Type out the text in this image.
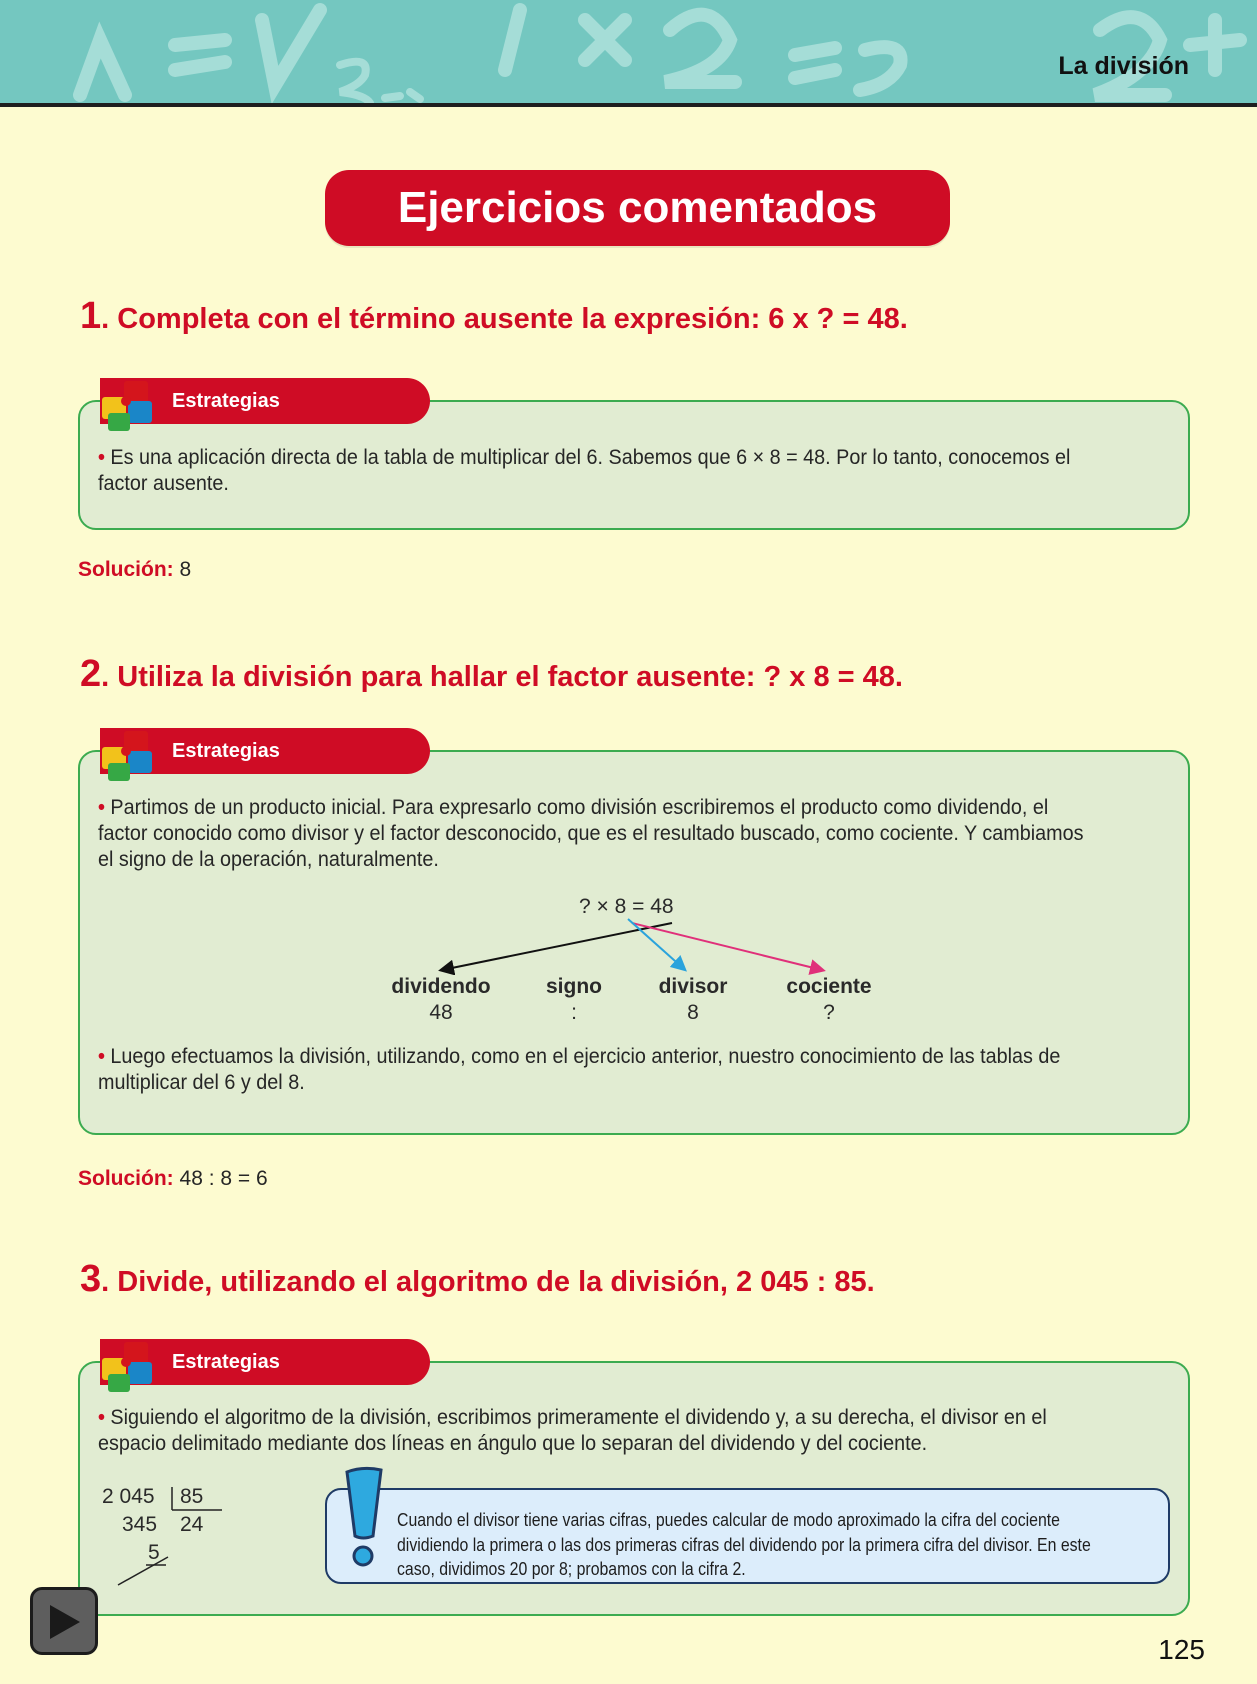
La división
Ejercicios comentados
1. Completa con el término ausente la expresión: 6 x ? = 48.
Estrategias
• Es una aplicación directa de la tabla de multiplicar del 6. Sabemos que 6 × 8 = 48. Por lo tanto, conocemos el factor ausente.
Solución: 8
2. Utiliza la división para hallar el factor ausente: ? x 8 = 48.
Estrategias
• Partimos de un producto inicial. Para expresarlo como división escribiremos el producto como dividendo, el factor conocido como divisor y el factor desconocido, que es el resultado buscado, como cociente. Y cambiamos el signo de la operación, naturalmente.
? × 8 = 48
dividendo
48
signo
:
divisor
8
cociente
?
• Luego efectuamos la división, utilizando, como en el ejercicio anterior, nuestro conocimiento de las tablas de multiplicar del 6 y del 8.
Solución: 48 : 8 = 6
3. Divide, utilizando el algoritmo de la división, 2 045 : 85.
Estrategias
• Siguiendo el algoritmo de la división, escribimos primeramente el dividendo y, a su derecha, el divisor en el espacio delimitado mediante dos líneas en ángulo que lo separan del dividendo y del cociente.
2 045 85
345 24
5
Cuando el divisor tiene varias cifras, puedes calcular de modo aproximado la cifra del cociente dividiendo la primera o las dos primeras cifras del dividendo por la primera cifra del divisor. En este caso, dividimos 20 por 8; probamos con la cifra 2.
125
